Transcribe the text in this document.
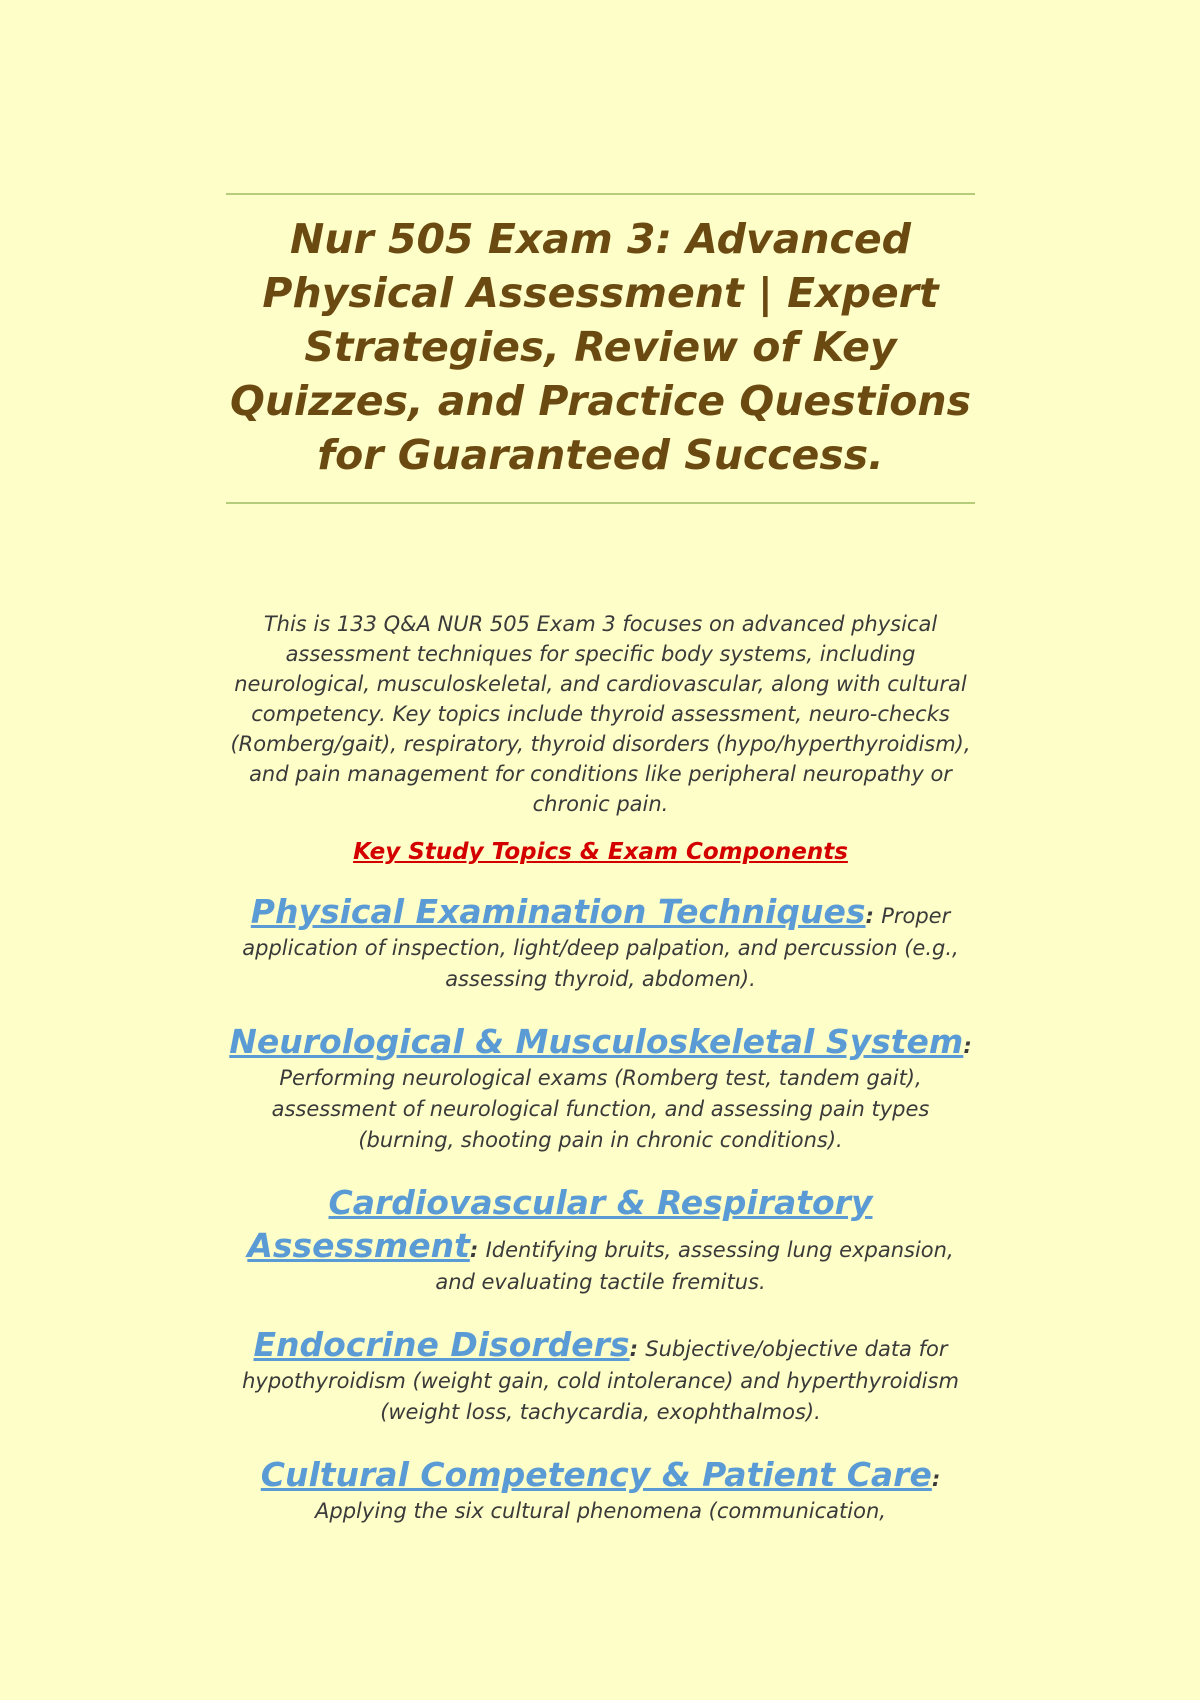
Nur 505 Exam 3: Advanced Physical Assessment | Expert Strategies, Review of Key Quizzes, and Practice Questions for Guaranteed Success.

This is 133 Q&A NUR 505 Exam 3 focuses on advanced physical assessment techniques for specific body systems, including neurological, musculoskeletal, and cardiovascular, along with cultural competency. Key topics include thyroid assessment, neuro-checks (Romberg/gait), respiratory, thyroid disorders (hypo/hyperthyroidism), and pain management for conditions like peripheral neuropathy or chronic pain.

Key Study Topics & Exam Components

Physical Examination Techniques: Proper application of inspection, light/deep palpation, and percussion (e.g., assessing thyroid, abdomen).
Neurological & Musculoskeletal System: Performing neurological exams (Romberg test, tandem gait), assessment of neurological function, and assessing pain types (burning, shooting pain in chronic conditions).
Cardiovascular & Respiratory Assessment: Identifying bruits, assessing lung expansion, and evaluating tactile fremitus.
Endocrine Disorders: Subjective/objective data for hypothyroidism (weight gain, cold intolerance) and hyperthyroidism (weight loss, tachycardia, exophthalmos).
Cultural Competency & Patient Care: Applying the six cultural phenomena (communication,
